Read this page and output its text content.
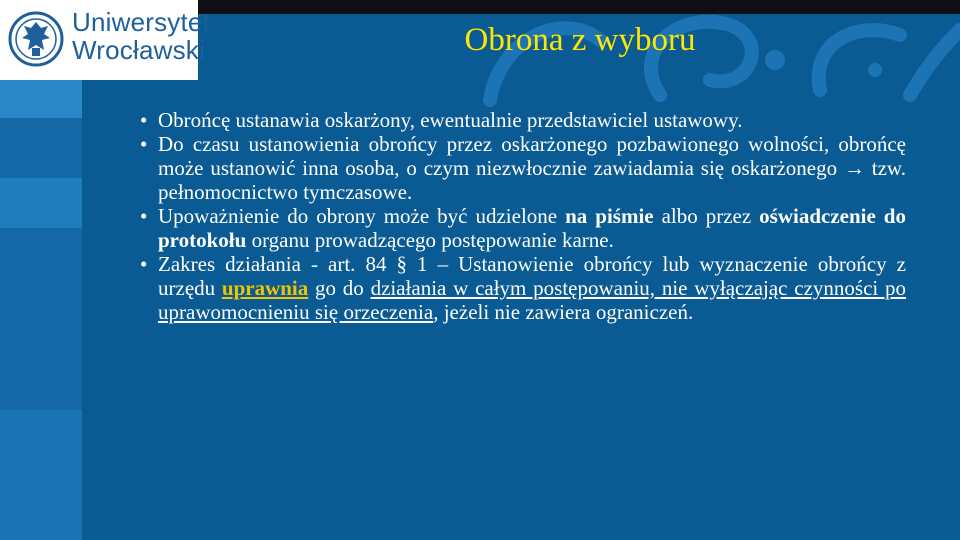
Uniwersytet
Wrocławski	Obrona z wyboru
• Obrońcę ustanawia oskarżony, ewentualnie przedstawiciel ustawowy.
• Do czasu ustanowienia obrońcy przez oskarżonego pozbawionego wolności, obrońcę może ustanowić inna osoba, o czym niezwłocznie zawiadamia się oskarżonego → tzw. pełnomocnictwo tymczasowe.
• Upoważnienie do obrony może być udzielone na piśmie albo przez oświadczenie do protokołu organu prowadzącego postępowanie karne.
• Zakres działania - art. 84 § 1 – Ustanowienie obrońcy lub wyznaczenie obrońcy z urzędu uprawnia go do działania w całym postępowaniu, nie wyłączając czynności po uprawomocnieniu się orzeczenia, jeżeli nie zawiera ograniczeń.
